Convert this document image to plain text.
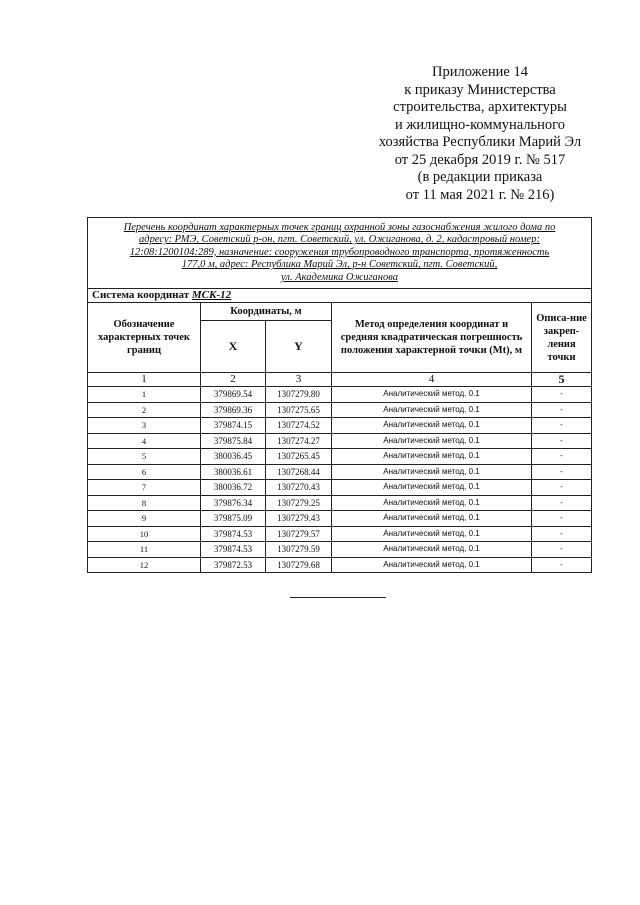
Приложение 14
к приказу Министерства
строительства, архитектуры
и жилищно-коммунального
хозяйства Республики Марий Эл
от 25 декабря 2019 г. № 517
(в редакции приказа
от 11 мая 2021 г. № 216)
Перечень координат характерных точек границ охранной зоны газоснабжения жилого дома по
адресу: РМЭ, Советский р-он, пгт. Советский, ул. Ожиганова, д. 2, кадастровый номер:
12:08:1200104:289, назначение: сооружения трубопроводного транспорта, протяженность
177,0 м, адрес: Республика Марий Эл, р-н Советский, пгт. Советский,
ул. Академика Ожиганова				

Система координат МСК-12				
Обозначение характерных точек границ	Координаты, м		Метод определения координат и средняя квадратическая погрешность положения характерной точки (Mt), м	Описа-ние закреп-ления точки
	X	Y		
1	2	3	4	5
1	379869.54	1307279.80	Аналитический метод, 0.1	-
2	379869.36	1307275.65	Аналитический метод, 0.1	-
3	379874.15	1307274.52	Аналитический метод, 0.1	-
4	379875.84	1307274.27	Аналитический метод, 0.1	-
5	380036.45	1307265.45	Аналитический метод, 0.1	-
6	380036.61	1307268.44	Аналитический метод, 0.1	-
7	380036.72	1307270.43	Аналитический метод, 0.1	-
8	379876.34	1307279.25	Аналитический метод, 0.1	-
9	379875.09	1307279.43	Аналитический метод, 0.1	-
10	379874.53	1307279.57	Аналитический метод, 0.1	-
11	379874.53	1307279.59	Аналитический метод, 0.1	-
12	379872.53	1307279.68	Аналитический метод, 0.1	-
